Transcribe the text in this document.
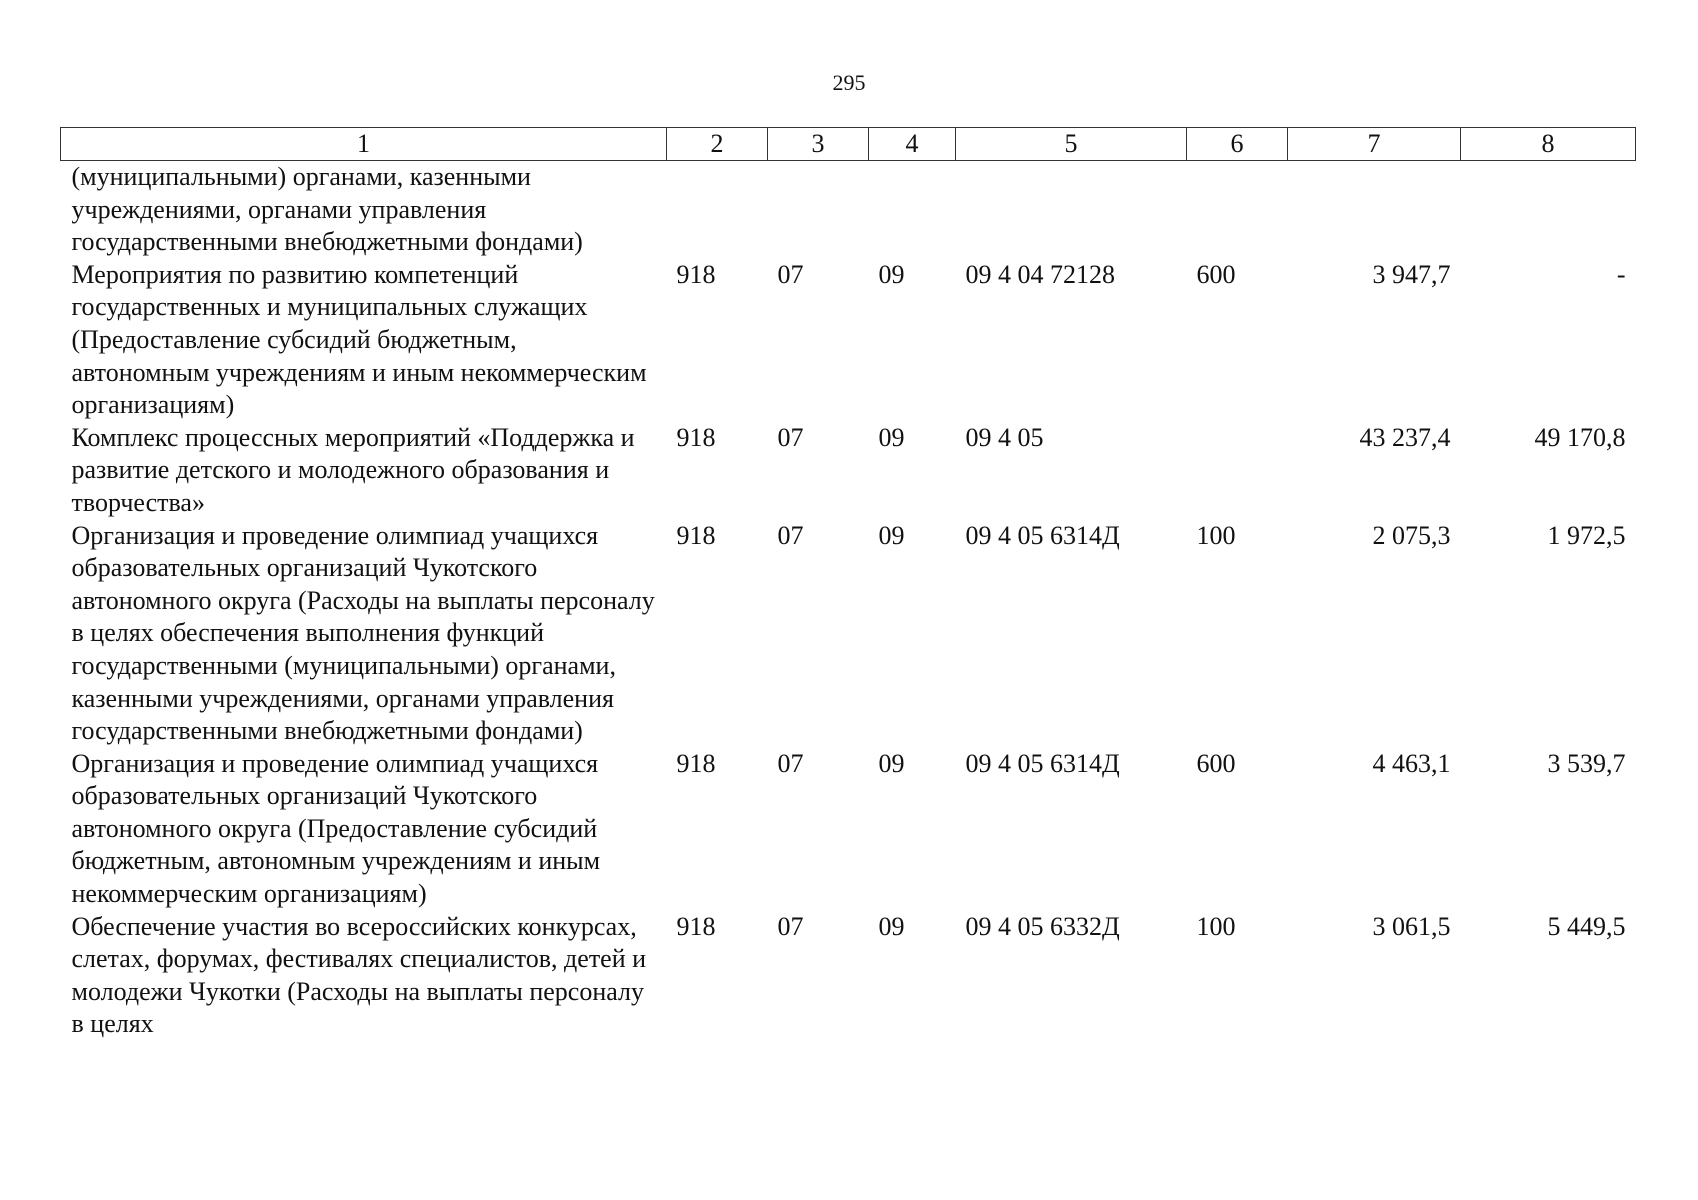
295
1	2	3	4	5	6	7	8
(муниципальными) органами, казенными учреждениями, органами управления государственными внебюджетными фондами)							
Мероприятия по развитию компетенций государственных и муниципальных служащих (Предоставление субсидий бюджетным, автономным учреждениям и иным некоммерческим организациям)	918	07	09	09 4 04 72128	600	3 947,7	-
Комплекс процессных мероприятий «Поддержка и развитие детского и молодежного образования и творчества»	918	07	09	09 4 05		43 237,4	49 170,8
Организация и проведение олимпиад учащихся образовательных организаций Чукотского автономного округа (Расходы на выплаты персоналу в целях обеспечения выполнения функций государственными (муниципальными) органами, казенными учреждениями, органами управления государственными внебюджетными фондами)	918	07	09	09 4 05 6314Д	100	2 075,3	1 972,5
Организация и проведение олимпиад учащихся образовательных организаций Чукотского автономного округа (Предоставление субсидий бюджетным, автономным учреждениям и иным некоммерческим организациям)	918	07	09	09 4 05 6314Д	600	4 463,1	3 539,7
Обеспечение участия во всероссийских конкурсах, слетах, форумах, фестивалях специалистов, детей и молодежи Чукотки (Расходы на выплаты персоналу в целях	918	07	09	09 4 05 6332Д	100	3 061,5	5 449,5
